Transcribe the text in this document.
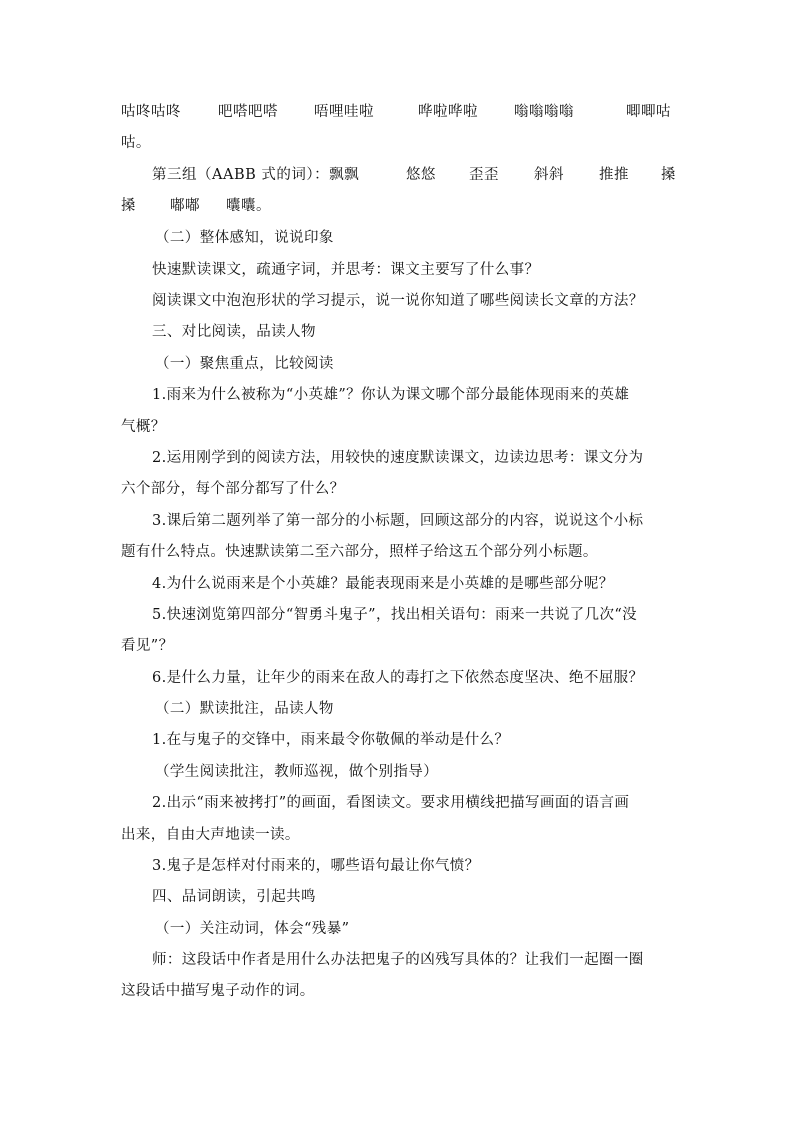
咕咚咕咚	吧嗒吧嗒 唔哩哇啦	哗啦哗啦 嗡嗡嗡嗡	唧唧咕
咕。
第三组（AABB 式的词）：飘飘	悠悠 歪歪 斜斜 推推 搡
搡 嘟嘟 囔囔。
（二）整体感知，说说印象
快速默读课文，疏通字词，并思考：课文主要写了什么事？
阅读课文中泡泡形状的学习提示，说一说你知道了哪些阅读长文章的方法？
三、对比阅读，品读人物
（一）聚焦重点，比较阅读
1.雨来为什么被称为“小英雄”？你认为课文哪个部分最能体现雨来的英雄
气概？
2.运用刚学到的阅读方法，用较快的速度默读课文，边读边思考：课文分为
六个部分，每个部分都写了什么？
3.课后第二题列举了第一部分的小标题，回顾这部分的内容，说说这个小标
题有什么特点。快速默读第二至六部分，照样子给这五个部分列小标题。
4.为什么说雨来是个小英雄？最能表现雨来是小英雄的是哪些部分呢？
5.快速浏览第四部分“智勇斗鬼子”，找出相关语句：雨来一共说了几次“没
看见”？
6.是什么力量，让年少的雨来在敌人的毒打之下依然态度坚决、绝不屈服？
（二）默读批注，品读人物
1.在与鬼子的交锋中，雨来最令你敬佩的举动是什么？
（学生阅读批注，教师巡视，做个别指导）
2.出示“雨来被拷打”的画面，看图读文。要求用横线把描写画面的语言画
出来，自由大声地读一读。
3.鬼子是怎样对付雨来的，哪些语句最让你气愤？
四、品词朗读，引起共鸣
（一）关注动词，体会“残暴”
师：这段话中作者是用什么办法把鬼子的凶残写具体的？让我们一起圈一圈
这段话中描写鬼子动作的词。
